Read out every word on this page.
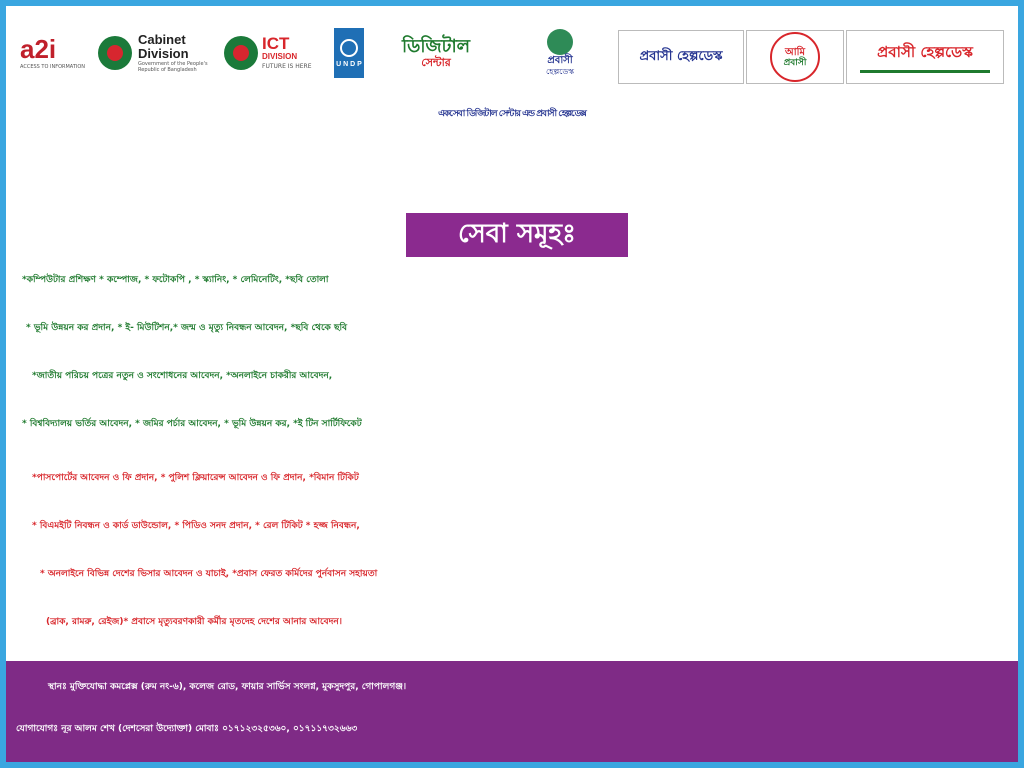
a2i
ACCESS TO INFORMATION
Cabinet
Division
Government of the People's Republic of Bangladesh
ICT
DIVISION
FUTURE IS HERE	U N D P
ডিজিটাল
সেন্টার	প্রবাসী
হেল্পডেস্ক
প্রবাসী হেল্পডেস্ক	আমি
প্রবাসী
প্রবাসী হেল্পডেস্ক
একসেবা ডিজিটাল সেন্টার এন্ড প্রবাসী হেল্পডেক্স
সেবা সমূহঃ
*কম্পিউটার প্রশিক্ষণ * কম্পোজ, * ফটোকপি , * স্ক্যানিং, * লেমিনেটিং, *ছবি তোলা
* ভূমি উন্নয়ন কর প্রদান, * ই- মিউটিশন,* জন্ম ও মৃত্যু নিবন্ধন আবেদন, *ছবি থেকে ছবি
*জাতীয় পরিচয় পত্রের নতুন ও সংশোধনের আবেদন, *অনলাইনে চাকরীর আবেদন,
* বিশ্ববিদ্যালয় ভর্তির আবেদন, * জমির পর্চার আবেদন, * ভূমি উন্নয়ন কর, *ই টিন সার্টিফিকেট
*পাসপোর্টের আবেদন ও ফি প্রদান, * পুলিশ ক্লিয়ারেন্স আবেদন ও ফি প্রদান, *বিমান টিকিট
* বিএমইটি নিবন্ধন ও কার্ড ডাউন্ডোল, * পিডিও সনদ প্রদান, * রেল টিকিট * হজ্জ নিবন্ধন,
* অনলাইনে বিভিন্ন দেশের ভিসার আবেদন ও যাচাই, *প্রবাস ফেরত কর্মিদের পুর্নবাসন সহায়তা
(ব্রাক, রামরু, রেইজ)* প্রবাসে মৃত্যুবরণকারী কর্মীর মৃতদেহ দেশের আনার আবেদন।
স্থানঃ মুক্তিযোদ্ধা কমপ্লেক্স (রুম নং-৬), কলেজ রোড, ফায়ার সার্ভিস সংলগ্ন, মুকসুদপুর, গোপালগঞ্জ।
যোগাযোগঃ নূর আলম শেখ (দেশসেরা উদ্যোক্তা) মোবাঃ ০১৭১২৩২৫৩৬০, ০১৭১১৭৩২৬৬৩
